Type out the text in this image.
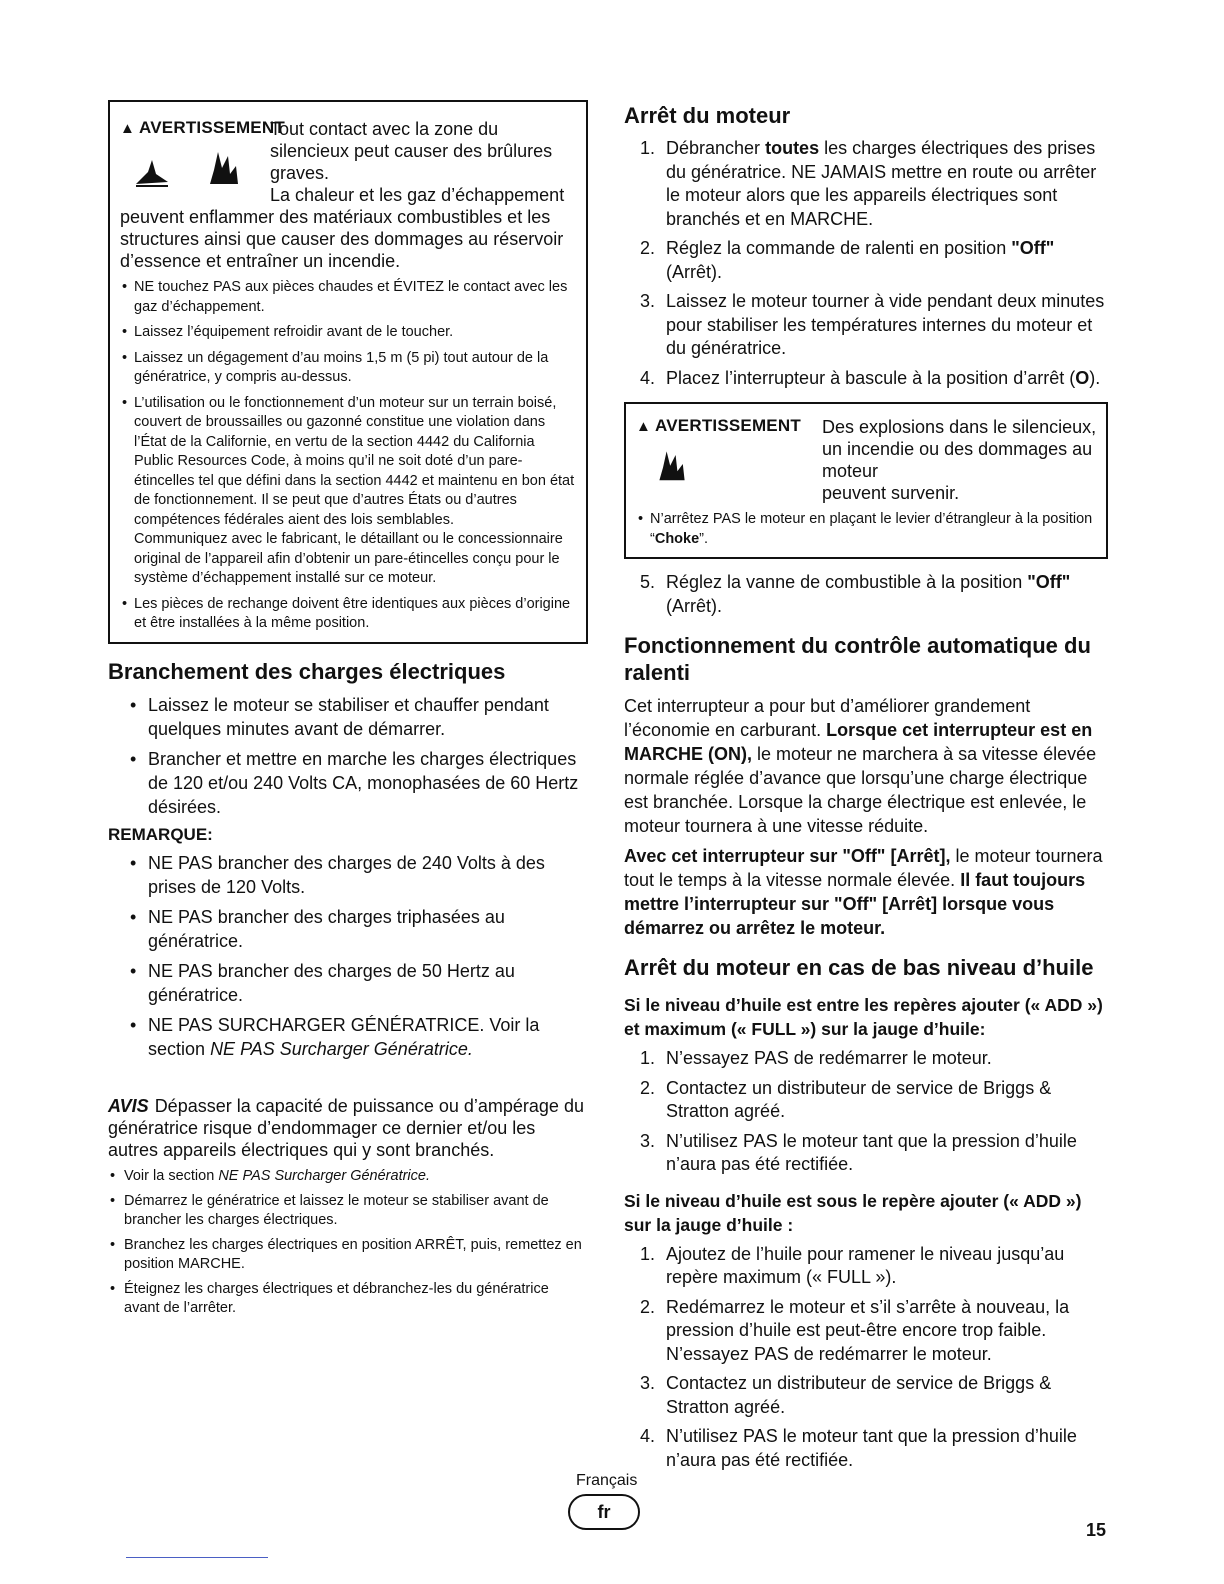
▲ AVERTISSEMENT
Tout contact avec la zone du
silencieux peut causer des brûlures
graves.
La chaleur et les gaz d’échappement
peuvent enflammer des matériaux combustibles et les structures ainsi que causer des dommages au réservoir d’essence et entraîner un incendie.
• NE touchez PAS aux pièces chaudes et ÉVITEZ le contact avec les gaz d’échappement.
• Laissez l’équipement refroidir avant de le toucher.
• Laissez un dégagement d’au moins 1,5 m (5 pi) tout autour de la génératrice, y compris au-dessus.
• L’utilisation ou le fonctionnement d’un moteur sur un terrain boisé, couvert de broussailles ou gazonné constitue une violation dans l’État de la Californie, en vertu de la section 4442 du California Public Resources Code, à moins qu’il ne soit doté d’un pare-étincelles tel que défini dans la section 4442 et maintenu en bon état de fonctionnement. Il se peut que d’autres États ou d’autres compétences fédérales aient des lois semblables.
Communiquez avec le fabricant, le détaillant ou le concessionnaire original de l’appareil afin d’obtenir un pare-étincelles conçu pour le système d’échappement installé sur ce moteur.
• Les pièces de rechange doivent être identiques aux pièces d’origine et être installées à la même position.
Branchement des charges électriques
• Laissez le moteur se stabiliser et chauffer pendant quelques minutes avant de démarrer.
• Brancher et mettre en marche les charges électriques de 120 et/ou 240 Volts CA, monophasées de 60 Hertz désirées.
REMARQUE:
• NE PAS brancher des charges de 240 Volts à des prises de 120 Volts.
• NE PAS brancher des charges triphasées au génératrice.
• NE PAS brancher des charges de 50 Hertz au génératrice.
• NE PAS SURCHARGER GÉNÉRATRICE. Voir la section NE PAS Surcharger Génératrice.
AVIS Dépasser la capacité de puissance ou d’ampérage du génératrice risque d’endommager ce dernier et/ou les autres appareils électriques qui y sont branchés.
• Voir la section NE PAS Surcharger Génératrice.
• Démarrez le génératrice et laissez le moteur se stabiliser avant de brancher les charges électriques.
• Branchez les charges électriques en position ARRÊT, puis, remettez en position MARCHE.
• Éteignez les charges électriques et débranchez-les du génératrice avant de l’arrêter.
Arrêt du moteur
1. Débrancher toutes les charges électriques des prises du génératrice. NE JAMAIS mettre en route ou arrêter le moteur alors que les appareils électriques sont branchés et en MARCHE.
2. Réglez la commande de ralenti en position "Off" (Arrêt).
3. Laissez le moteur tourner à vide pendant deux minutes pour stabiliser les températures internes du moteur et du génératrice.
4. Placez l’interrupteur à bascule à la position d’arrêt (O).
▲ AVERTISSEMENT Des explosions dans le silencieux,
un incendie ou des dommages au moteur
peuvent survenir.
• N’arrêtez PAS le moteur en plaçant le levier d’étrangleur à la position “Choke”.
5. Réglez la vanne de combustible à la position "Off" (Arrêt).
Fonctionnement du contrôle automatique du ralenti

Cet interrupteur a pour but d’améliorer grandement l’économie en carburant. Lorsque cet interrupteur est en MARCHE (ON), le moteur ne marchera à sa vitesse élevée normale réglée d’avance que lorsqu’une charge électrique est branchée. Lorsque la charge électrique est enlevée, le moteur tournera à une vitesse réduite.

Avec cet interrupteur sur "Off" [Arrêt], le moteur tournera tout le temps à la vitesse normale élevée. Il faut toujours mettre l’interrupteur sur "Off" [Arrêt] lorsque vous démarrez ou arrêtez le moteur.

Arrêt du moteur en cas de bas niveau d’huile
Si le niveau d’huile est entre les repères ajouter (« ADD ») et maximum (« FULL ») sur la jauge d’huile:
1. N’essayez PAS de redémarrer le moteur.
2. Contactez un distributeur de service de Briggs & Stratton agréé.
3. N’utilisez PAS le moteur tant que la pression d’huile n’aura pas été rectifiée.
Si le niveau d’huile est sous le repère ajouter (« ADD ») sur la jauge d’huile :
1. Ajoutez de l’huile pour ramener le niveau jusqu’au repère maximum (« FULL »).
2. Redémarrez le moteur et s’il s’arrête à nouveau, la pression d’huile est peut-être encore trop faible. N’essayez PAS de redémarrer le moteur.
3. Contactez un distributeur de service de Briggs & Stratton agréé.
4. N’utilisez PAS le moteur tant que la pression d’huile n’aura pas été rectifiée.
Français
fr
15
